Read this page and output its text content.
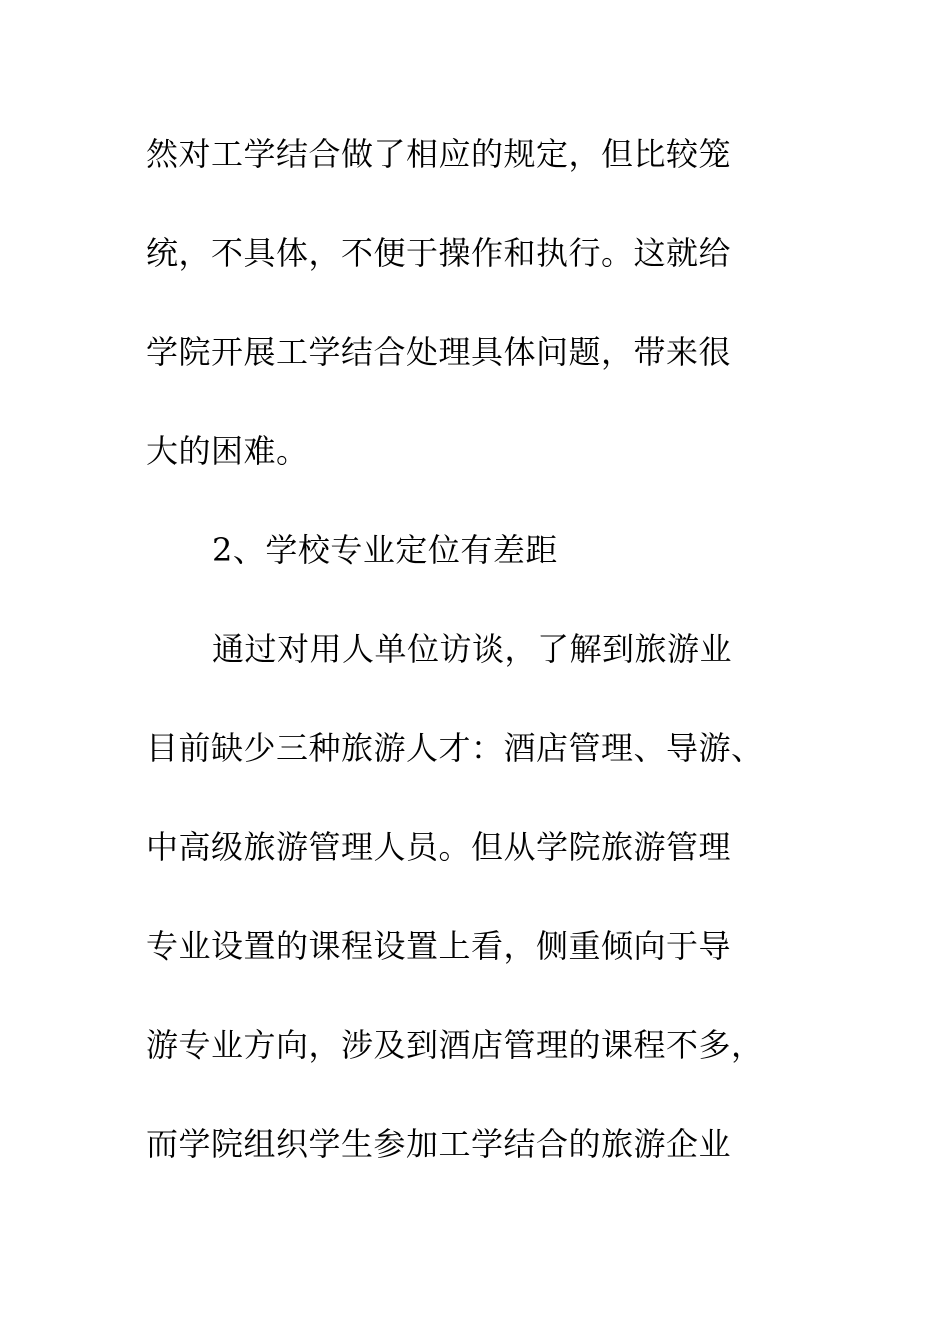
然对工学结合做了相应的规定，但比较笼

统，不具体，不便于操作和执行。这就给

学院开展工学结合处理具体问题，带来很

大的困难。

2、学校专业定位有差距

通过对用人单位访谈，了解到旅游业

目前缺少三种旅游人才：酒店管理、导游、

中高级旅游管理人员。但从学院旅游管理

专业设置的课程设置上看，侧重倾向于导

游专业方向，涉及到酒店管理的课程不多，

而学院组织学生参加工学结合的旅游企业
